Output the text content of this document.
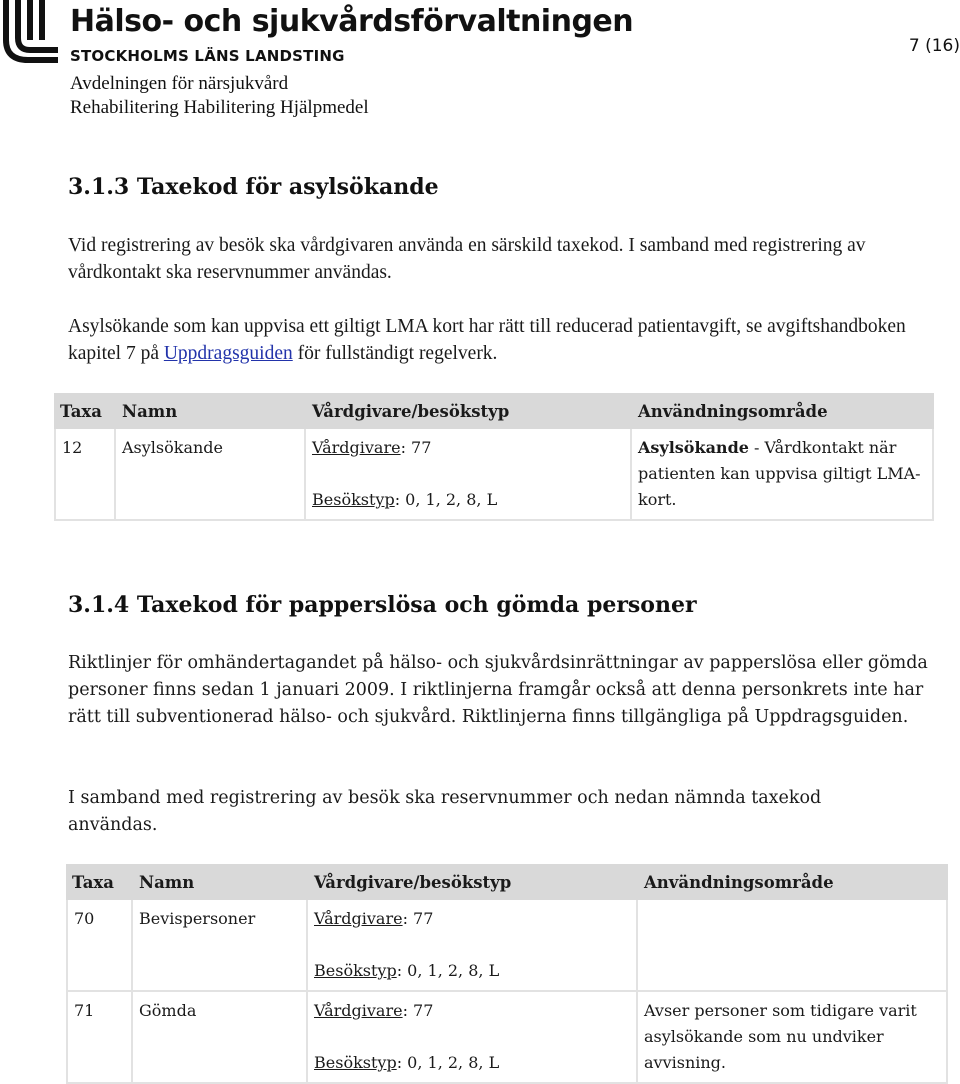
Hälso- och sjukvårdsförvaltningen
STOCKHOLMS LÄNS LANDSTING	7 (16)
Avdelningen för närsjukvård
Rehabilitering Habilitering Hjälpmedel
3.1.3 Taxekod för asylsökande
Vid registrering av besök ska vårdgivaren använda en särskild taxekod. I samband med registrering av vårdkontakt ska reservnummer användas.
Asylsökande som kan uppvisa ett giltigt LMA kort har rätt till reducerad patientavgift, se avgiftshandboken kapitel 7 på Uppdragsguiden för fullständigt regelverk.
Taxa	Namn	Vårdgivare/besökstyp	Användningsområde
12	Asylsökande	Vårdgivare: 77
Besökstyp: 0, 1, 2, 8, L	Asylsökande - Vårdkontakt när patienten kan uppvisa giltigt LMA-kort.
3.1.4 Taxekod för papperslösa och gömda personer
Riktlinjer för omhändertagandet på hälso- och sjukvårdsinrättningar av papperslösa eller gömda personer finns sedan 1 januari 2009. I riktlinjerna framgår också att denna personkrets inte har rätt till subventionerad hälso- och sjukvård. Riktlinjerna finns tillgängliga på Uppdragsguiden.
I samband med registrering av besök ska reservnummer och nedan nämnda taxekod användas.
Taxa	Namn	Vårdgivare/besökstyp	Användningsområde
70	Bevispersoner	Vårdgivare: 77
Besökstyp: 0, 1, 2, 8, L	
71	Gömda	Vårdgivare: 77
Besökstyp: 0, 1, 2, 8, L	Avser personer som tidigare varit asylsökande som nu undviker avvisning.
